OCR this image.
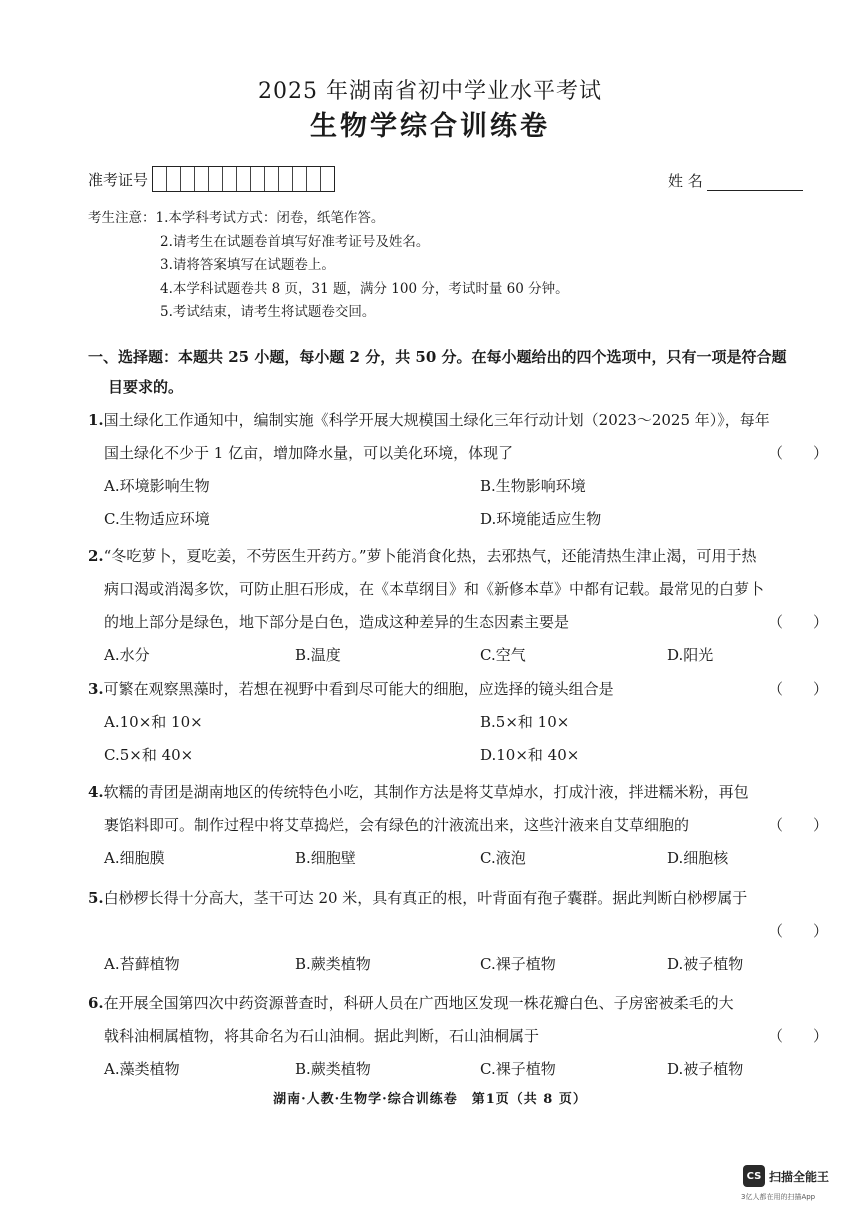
2025 年湖南省初中学业水平考试
生物学综合训练卷
准考证号	姓 名
考生注意： 1.本学科考试方式：闭卷，纸笔作答。
2.请考生在试题卷首填写好准考证号及姓名。
3.请将答案填写在试题卷上。
4.本学科试题卷共 8 页，31 题，满分 100 分，考试时量 60 分钟。
5.考试结束，请考生将试题卷交回。
一、选择题：本题共 25 小题，每小题 2 分，共 50 分。在每小题给出的四个选项中，只有一项是符合题
目要求的。
1.国土绿化工作通知中，编制实施《科学开展大规模国土绿化三年行动计划（2023～2025 年）》，每年
国土绿化不少于 1 亿亩，增加降水量，可以美化环境，体现了	（　　）
A.环境影响生物	B.生物影响环境
C.生物适应环境	D.环境能适应生物
2.“冬吃萝卜，夏吃姜，不劳医生开药方。”萝卜能消食化热，去邪热气，还能清热生津止渴，可用于热
病口渴或消渴多饮，可防止胆石形成，在《本草纲目》和《新修本草》中都有记载。最常见的白萝卜
的地上部分是绿色，地下部分是白色，造成这种差异的生态因素主要是	（　　）
A.水分	B.温度	C.空气	D.阳光
3.可繁在观察黑藻时，若想在视野中看到尽可能大的细胞，应选择的镜头组合是	（　　）
A.10×和 10×	B.5×和 10×
C.5×和 40×	D.10×和 40×
4.软糯的青团是湖南地区的传统特色小吃，其制作方法是将艾草焯水，打成汁液，拌进糯米粉，再包
裹馅料即可。制作过程中将艾草捣烂，会有绿色的汁液流出来，这些汁液来自艾草细胞的	（　　）
A.细胞膜	B.细胞壁	C.液泡	D.细胞核
5.白桫椤长得十分高大，茎干可达 20 米，具有真正的根，叶背面有孢子囊群。据此判断白桫椤属于
（　　）
A.苔藓植物	B.蕨类植物	C.裸子植物	D.被子植物
6.在开展全国第四次中药资源普查时，科研人员在广西地区发现一株花瓣白色、子房密被柔毛的大
戟科油桐属植物，将其命名为石山油桐。据此判断，石山油桐属于	（　　）
A.藻类植物	B.蕨类植物	C.裸子植物	D.被子植物
湖南·人教·生物学·综合训练卷　第1页（共 8 页）
CS 扫描全能王
3亿人都在用的扫描App
